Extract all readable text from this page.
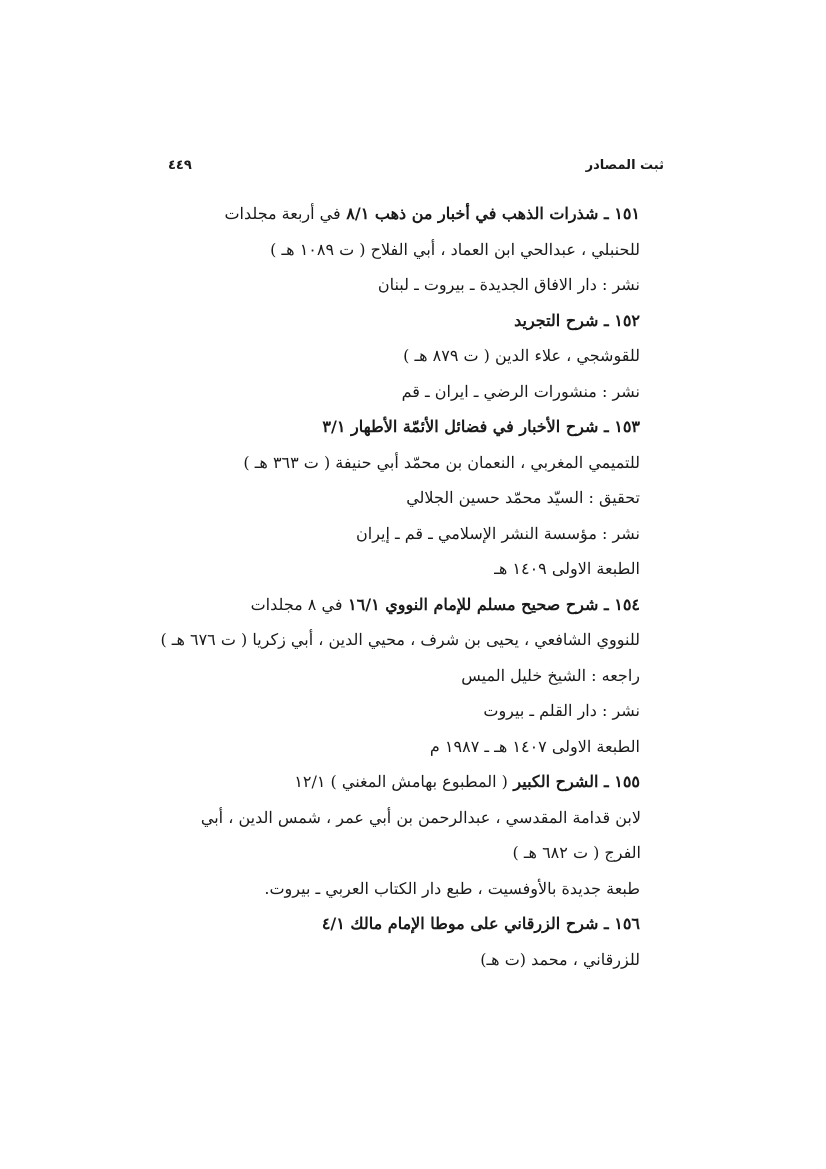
ثبت المصادر
٤٤٩
١٥١ ـ شذرات الذهب في أخبار من ذهب ٨/١ في أربعة مجلدات
للحنبلي ، عبدالحي ابن العماد ، أبي الفلاح ( ت ١٠٨٩ هـ )
نشر : دار الافاق الجديدة ـ بيروت ـ لبنان
١٥٢ ـ شرح التجريد
للقوشجي ، علاء الدين ( ت ٨٧٩ هـ )
نشر : منشورات الرضي ـ ايران ـ قم
١٥٣ ـ شرح الأخبار في فضائل الأئمّة الأطهار ٣/١
للتميمي المغربي ، النعمان بن محمّد أبي حنيفة ( ت ٣٦٣ هـ )
تحقيق : السيّد محمّد حسين الجلالي
نشر : مؤسسة النشر الإسلامي ـ قم ـ إيران
الطبعة الاولى ١٤٠٩ هـ
١٥٤ ـ شرح صحيح مسلم للإمام النووي ١٦/١ في ٨ مجلدات
للنووي الشافعي ، يحيى بن شرف ، محيي الدين ، أبي زكريا ( ت ٦٧٦ هـ )
راجعه : الشيخ خليل الميس
نشر : دار القلم ـ بيروت
الطبعة الاولى ١٤٠٧ هـ ـ ١٩٨٧ م
١٥٥ ـ الشرح الكبير ( المطبوع بهامش المغني ) ١٢/١
لابن قدامة المقدسي ، عبدالرحمن بن أبي عمر ، شمس الدين ، أبي الفرج ( ت ٦٨٢ هـ )
طبعة جديدة بالأوفسيت ، طبع دار الكتاب العربي ـ بيروت.
١٥٦ ـ شرح الزرقاني على موطا الإمام مالك ٤/١
للزرقاني ، محمد (ت هـ)
